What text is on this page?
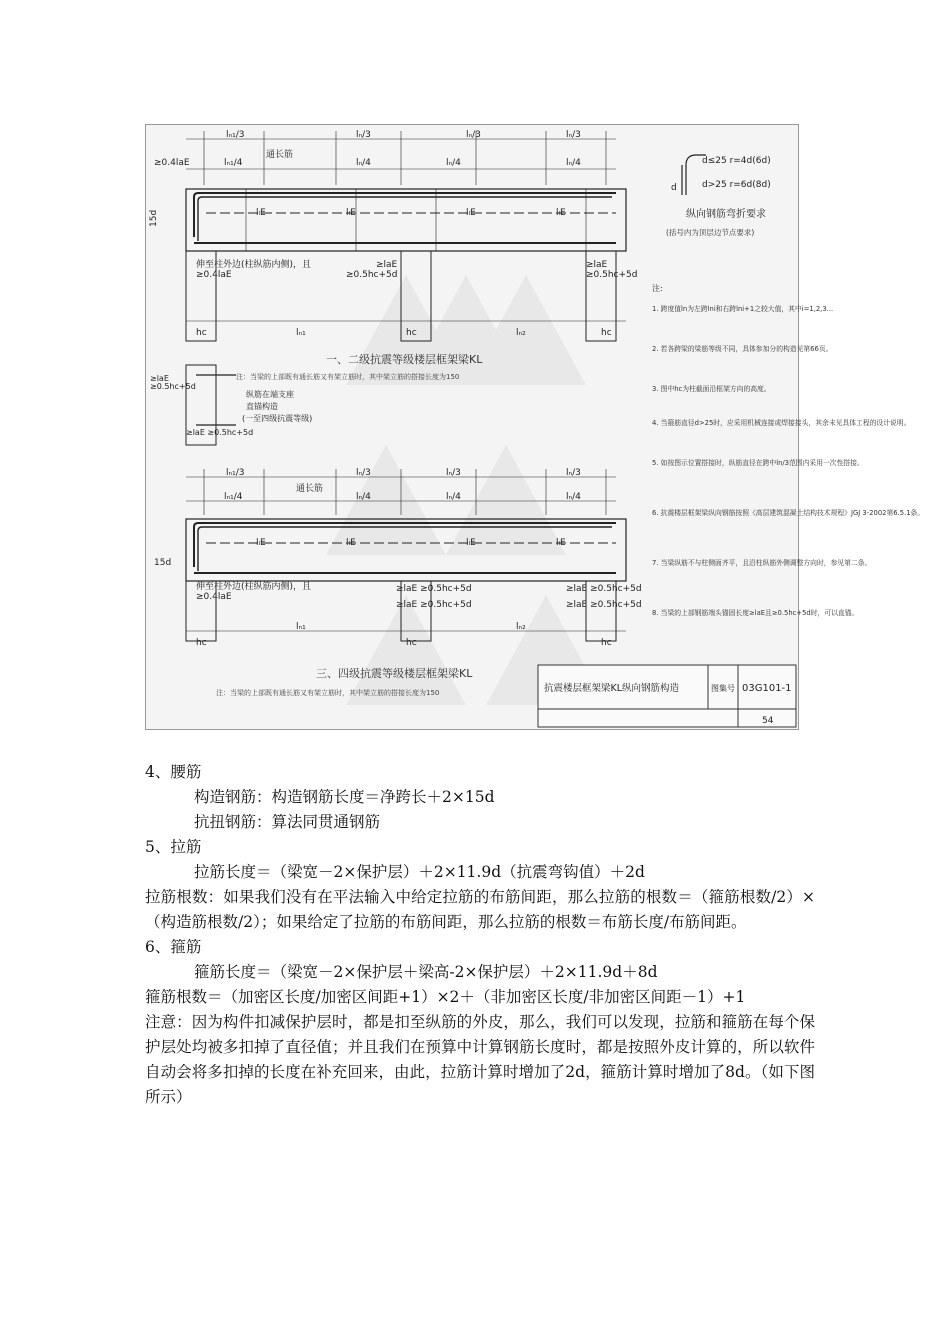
lₙ₁/3	lₙ/3	lₙ/3	lₙ/3
lₙ₁/4	lₙ/4	lₙ/4	lₙ/4
≥0.4laE
通长筋
lₗE	lₗE	lₗE	lₗE
15d
伸至柱外边(柱纵筋内侧)，且
≥0.4laE
≥laE
≥0.5hc+5d
≥laE
≥0.5hc+5d
hc	lₙ₁	hc	lₙ₂	hc
一、二级抗震等级楼层框架梁KL
注：当梁的上部既有通长筋又有架立筋时，其中架立筋的搭接长度为150
≥laE
≥0.5hc+5d
纵筋在端支座
直锚构造
(一至四级抗震等级)
≥laE ≥0.5hc+5d
lₙ₁/3	lₙ/3	lₙ/3	lₙ/3
lₙ₁/4	lₙ/4	lₙ/4	lₙ/4
通长筋
lₗE	lₗE	lₗE	lₗE
15d
伸至柱外边(柱纵筋内侧)，且
≥0.4laE
≥laE ≥0.5hc+5d	≥laE ≥0.5hc+5d
≥laE ≥0.5hc+5d	≥laE ≥0.5hc+5d
hc
lₙ₁
hc
lₙ₂
hc
三、四级抗震等级楼层框架梁KL
注：当梁的上部既有通长筋又有架立筋时，其中架立筋的搭接长度为150
d≤25 r=4d(6d)
d>25 r=6d(8d)
d
纵向钢筋弯折要求
(括号内为顶层边节点要求)
注:
1. 跨度值ln为左跨lni和右跨lni+1之较大值，其中i=1,2,3...
2. 若各跨梁的梁筋等级不同，具体参加分的构造见第66页。
3. 图中hc为柱截面沿框架方向的高度。
4. 当箍筋直径d>25时，应采用机械连接或焊接接头，其余未见具体工程的设计说明。
5. 如按图示位置搭接时，纵筋直径在跨中ln/3范围内采用一次性搭接。
6. 抗震楼层框架梁纵向钢筋按照《高层建筑混凝土结构技术规程》JGJ 3-2002第6.5.1条。
7. 当梁纵筋不与柱侧面齐平，且沿柱纵筋外侧调整方向时，参见第二条。
8. 当梁的上部钢筋端头锚固长度≥laE且≥0.5hc+5d时，可以直锚。
抗震楼层框架梁KL纵向钢筋构造	图集号 03G101-1
54

4、腰筋

构造钢筋：构造钢筋长度＝净跨长＋2×15d

抗扭钢筋：算法同贯通钢筋

5、拉筋

拉筋长度＝（梁宽－2×保护层）＋2×11.9d（抗震弯钩值）＋2d

拉筋根数：如果我们没有在平法输入中给定拉筋的布筋间距，那么拉筋的根数＝（箍筋根数/2）×（构造筋根数/2）；如果给定了拉筋的布筋间距，那么拉筋的根数＝布筋长度/布筋间距。

6、箍筋

箍筋长度＝（梁宽－2×保护层＋梁高-2×保护层）＋2×11.9d＋8d

箍筋根数＝（加密区长度/加密区间距+1）×2＋（非加密区长度/非加密区间距－1）+1

注意：因为构件扣减保护层时，都是扣至纵筋的外皮，那么，我们可以发现，拉筋和箍筋在每个保护层处均被多扣掉了直径值；并且我们在预算中计算钢筋长度时，都是按照外皮计算的，所以软件自动会将多扣掉的长度在补充回来，由此，拉筋计算时增加了2d，箍筋计算时增加了8d。（如下图所示）
